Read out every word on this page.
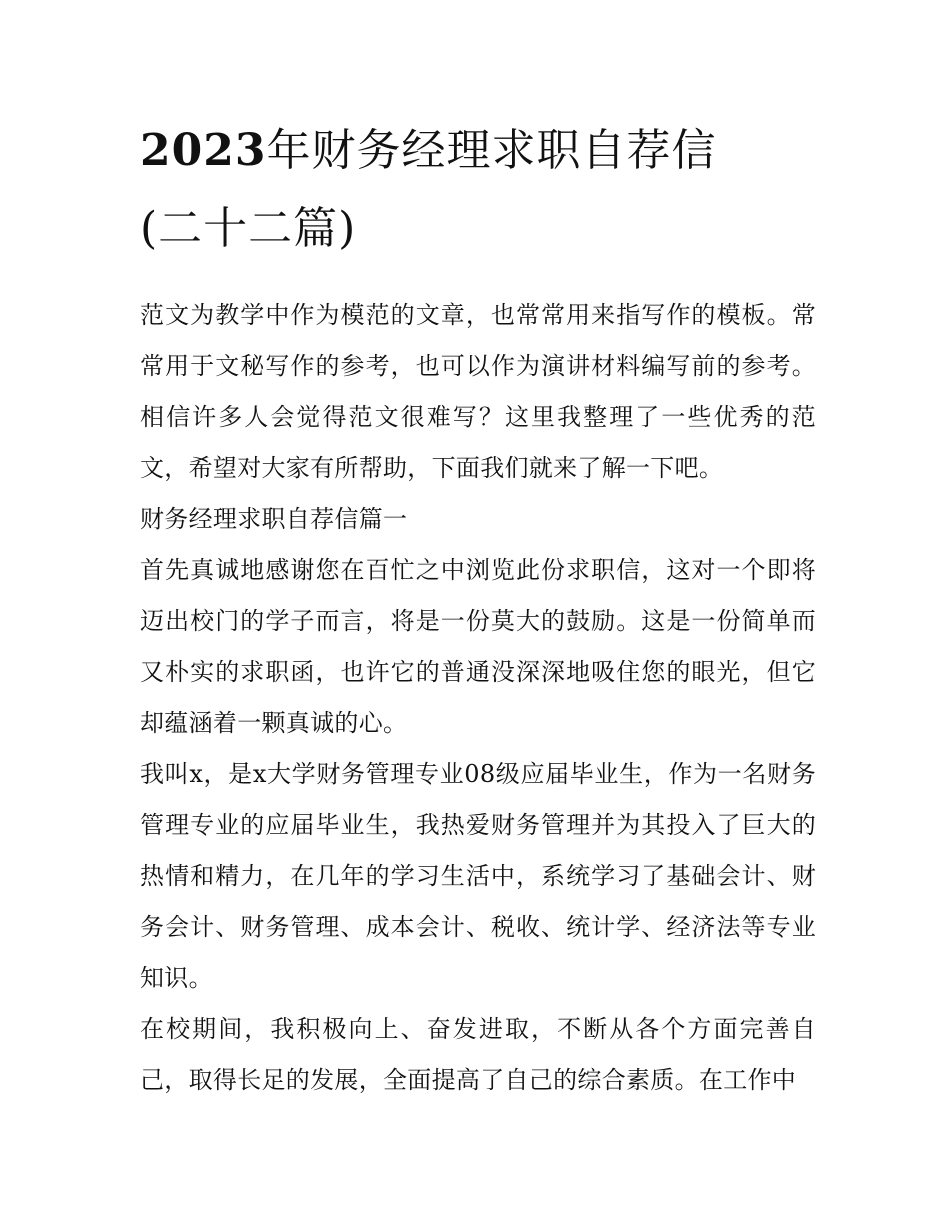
2023年财务经理求职自荐信
(二十二篇)

范文为教学中作为模范的文章，也常常用来指写作的模板。常常用于文秘写作的参考，也可以作为演讲材料编写前的参考。相信许多人会觉得范文很难写？这里我整理了一些优秀的范文，希望对大家有所帮助，下面我们就来了解一下吧。

财务经理求职自荐信篇一

首先真诚地感谢您在百忙之中浏览此份求职信，这对一个即将迈出校门的学子而言，将是一份莫大的鼓励。这是一份简单而又朴实的求职函，也许它的普通没深深地吸住您的眼光，但它却蕴涵着一颗真诚的心。

我叫x，是x大学财务管理专业08级应届毕业生，作为一名财务管理专业的应届毕业生，我热爱财务管理并为其投入了巨大的热情和精力，在几年的学习生活中，系统学习了基础会计、财务会计、财务管理、成本会计、税收、统计学、经济法等专业知识。

在校期间，我积极向上、奋发进取，不断从各个方面完善自己，取得长足的发展，全面提高了自己的综合素质。在工作中
